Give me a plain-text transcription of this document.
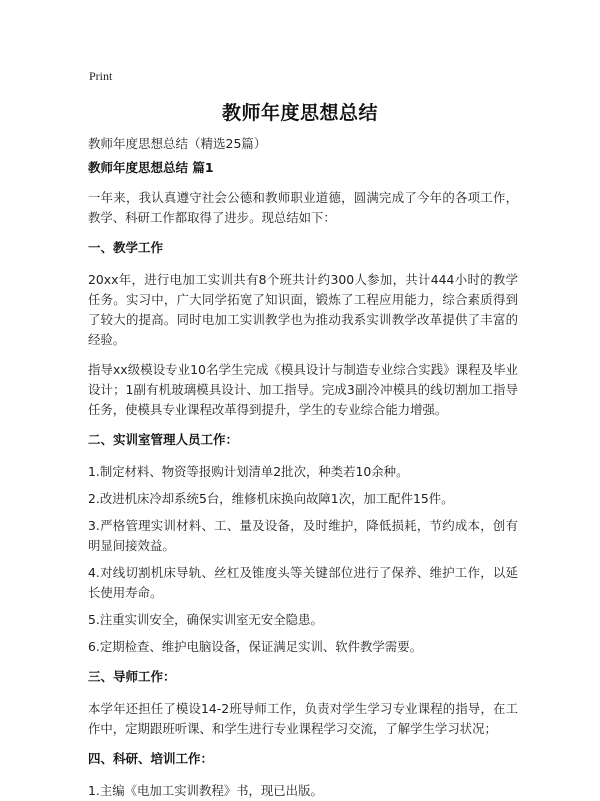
Print
教师年度思想总结
教师年度思想总结（精选25篇）

教师年度思想总结 篇1

一年来，我认真遵守社会公德和教师职业道德，圆满完成了今年的各项工作，教学、科研工作都取得了进步。现总结如下：

一、教学工作

20xx年，进行电加工实训共有8个班共计约300人参加，共计444小时的教学任务。实习中，广大同学拓宽了知识面，锻炼了工程应用能力，综合素质得到了较大的提高。同时电加工实训教学也为推动我系实训教学改革提供了丰富的经验。

指导xx级模设专业10名学生完成《模具设计与制造专业综合实践》课程及毕业设计；1副有机玻璃模具设计、加工指导。完成3副冷冲模具的线切割加工指导任务，使模具专业课程改革得到提升，学生的专业综合能力增强。

二、实训室管理人员工作：

1.制定材料、物资等报购计划清单2批次，种类若10余种。

2.改进机床冷却系统5台，维修机床换向故障1次，加工配件15件。

3.严格管理实训材料、工、量及设备，及时维护，降低损耗，节约成本，创有明显间接效益。

4.对线切割机床导轨、丝杠及锥度头等关键部位进行了保养、维护工作，以延长使用寿命。

5.注重实训安全，确保实训室无安全隐患。

6.定期检查、维护电脑设备，保证满足实训、软件教学需要。

三、导师工作：

本学年还担任了模设14-2班导师工作，负责对学生学习专业课程的指导，在工作中，定期跟班听课、和学生进行专业课程学习交流，了解学生学习状况；

四、科研、培训工作：

1.主编《电加工实训教程》书，现已出版。
